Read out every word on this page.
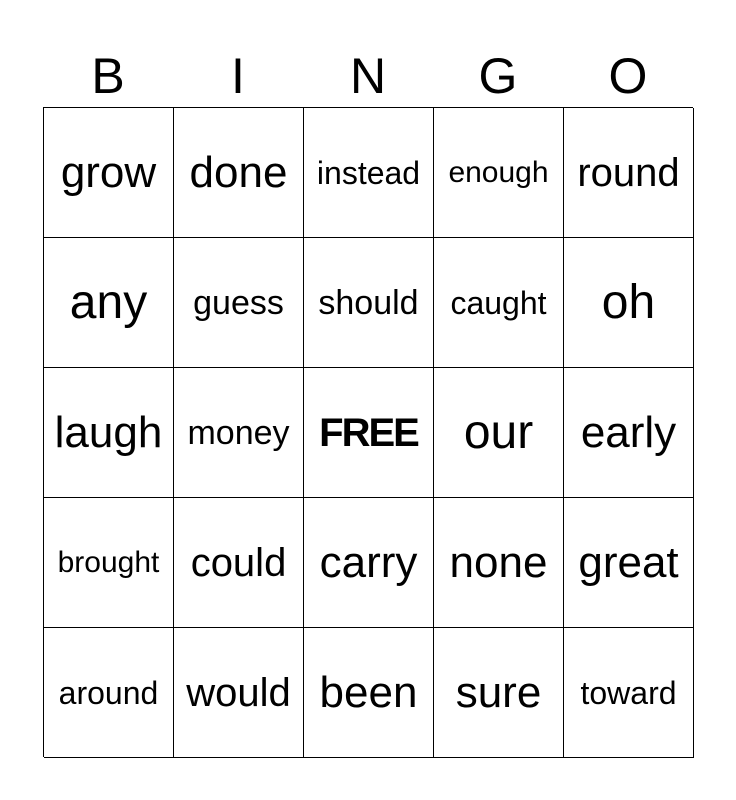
B	I	N	G	O
grow done instead enough round
any	guess	should caught	oh
laugh money FREE our	early
brought could carry none great
around would been sure	toward
